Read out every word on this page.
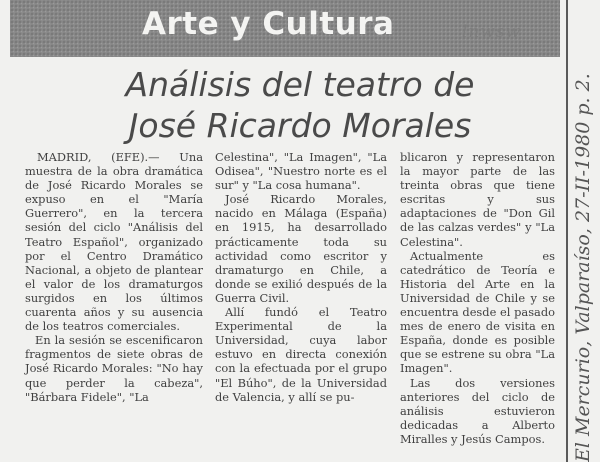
Arte y Cultura	lnwsw
Análisis del teatro de
José Ricardo Morales

MADRID, (EFE).— Una muestra de la obra dramática de José Ricardo Morales se expuso en el "María Guerrero", en la tercera sesión del ciclo "Análisis del Teatro Español", organizado por el Centro Dramático Nacional, a objeto de plantear el valor de los dramaturgos surgidos en los últimos cuarenta años y su ausencia de los teatros comerciales.

En la sesión se escenificaron fragmentos de siete obras de José Ricardo Morales: "No hay que perder la cabeza", "Bárbara Fidele", "La

Celestina", "La Imagen", "La Odisea", "Nuestro norte es el sur" y "La cosa humana".

José Ricardo Morales, nacido en Málaga (España) en 1915, ha desarrollado prácticamente toda su actividad como escritor y dramaturgo en Chile, a donde se exilió después de la Guerra Civil.

Allí fundó el Teatro Experimental de la Universidad, cuya labor estuvo en directa conexión con la efectuada por el grupo "El Búho", de la Universidad de Valencia, y allí se pu-

blicaron y representaron la mayor parte de las treinta obras que tiene escritas y sus adaptaciones de "Don Gil de las calzas verdes" y "La Celestina".

Actualmente es catedrático de Teoría e Historia del Arte en la Universidad de Chile y se encuentra desde el pasado mes de enero de visita en España, donde es posible que se estrene su obra "La Imagen".

Las dos versiones anteriores del ciclo de análisis estuvieron dedicadas a Alberto Miralles y Jesús Campos.	El Mercurio, Valparaíso, 27-II-1980 p. 2.
